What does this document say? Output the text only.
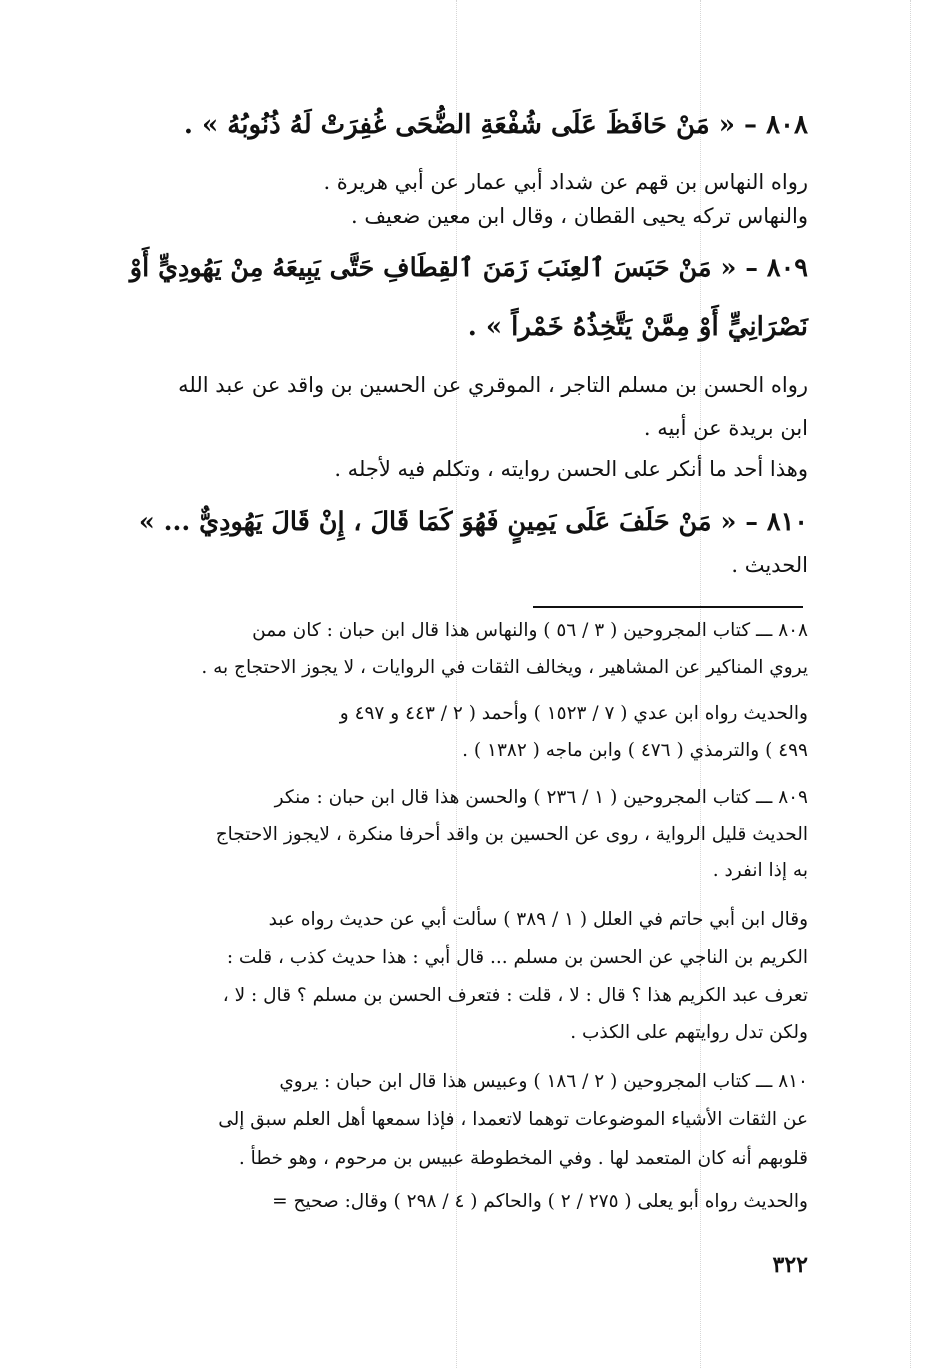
٨٠٨ – « مَنْ حَافَظَ عَلَى شُفْعَةِ الضُّحَى غُفِرَتْ لَهُ ذُنُوبُهُ » .
رواه النهاس بن قهم عن شداد أبي عمار عن أبي هريرة .
والنهاس تركه يحيى القطان ، وقال ابن معين ضعيف .
٨٠٩ – « مَنْ حَبَسَ ٱلعِنَبَ زَمَنَ ٱلقِطَافِ حَتَّى يَبِيعَهُ مِنْ يَهُودِيٍّ أَوْ
نَصْرَانِيٍّ أَوْ مِمَّنْ يَتَّخِذُهُ خَمْراً » .
رواه الحسن بن مسلم التاجر ، الموقري عن الحسين بن واقد عن عبد الله
ابن بريدة عن أبيه .
وهذا أحد ما أنكر على الحسن روايته ، وتكلم فيه لأجله .
٨١٠ – « مَنْ حَلَفَ عَلَى يَمِينٍ فَهُوَ كَمَا قَالَ ، إِنْ قَالَ يَهُودِيٌّ ... »
الحديث .
٨٠٨ ـــ كتاب المجروحين ( ٣ / ٥٦ ) والنهاس هذا قال ابن حبان : كان ممن
يروي المناكير عن المشاهير ، ويخالف الثقات في الروايات ، لا يجوز الاحتجاج به .
والحديث رواه ابن عدي ( ٧ / ١٥٢٣ ) وأحمد ( ٢ / ٤٤٣ و ٤٩٧ و
٤٩٩ ) والترمذي ( ٤٧٦ ) وابن ماجه ( ١٣٨٢ ) .
٨٠٩ ـــ كتاب المجروحين ( ١ / ٢٣٦ ) والحسن هذا قال ابن حبان : منكر
الحديث قليل الرواية ، روى عن الحسين بن واقد أحرفا منكرة ، لايجوز الاحتجاج
به إذا انفرد .
وقال ابن أبي حاتم في العلل ( ١ / ٣٨٩ ) سألت أبي عن حديث رواه عبد
الكريم بن الناجي عن الحسن بن مسلم ... قال أبي : هذا حديث كذب ، قلت :
تعرف عبد الكريم هذا ؟ قال : لا ، قلت : فتعرف الحسن بن مسلم ؟ قال : لا ،
ولكن تدل روايتهم على الكذب .
٨١٠ ـــ كتاب المجروحين ( ٢ / ١٨٦ ) وعبيس هذا قال ابن حبان : يروي
عن الثقات الأشياء الموضوعات توهما لاتعمدا ، فإذا سمعها أهل العلم سبق إلى
قلوبهم أنه كان المتعمد لها . وفي المخطوطة عبيس بن مرحوم ، وهو خطأ .
والحديث رواه أبو يعلى ( ٢٧٥ / ٢ ) والحاكم ( ٤ / ٢٩٨ ) وقال: صحيح =
٣٢٢
